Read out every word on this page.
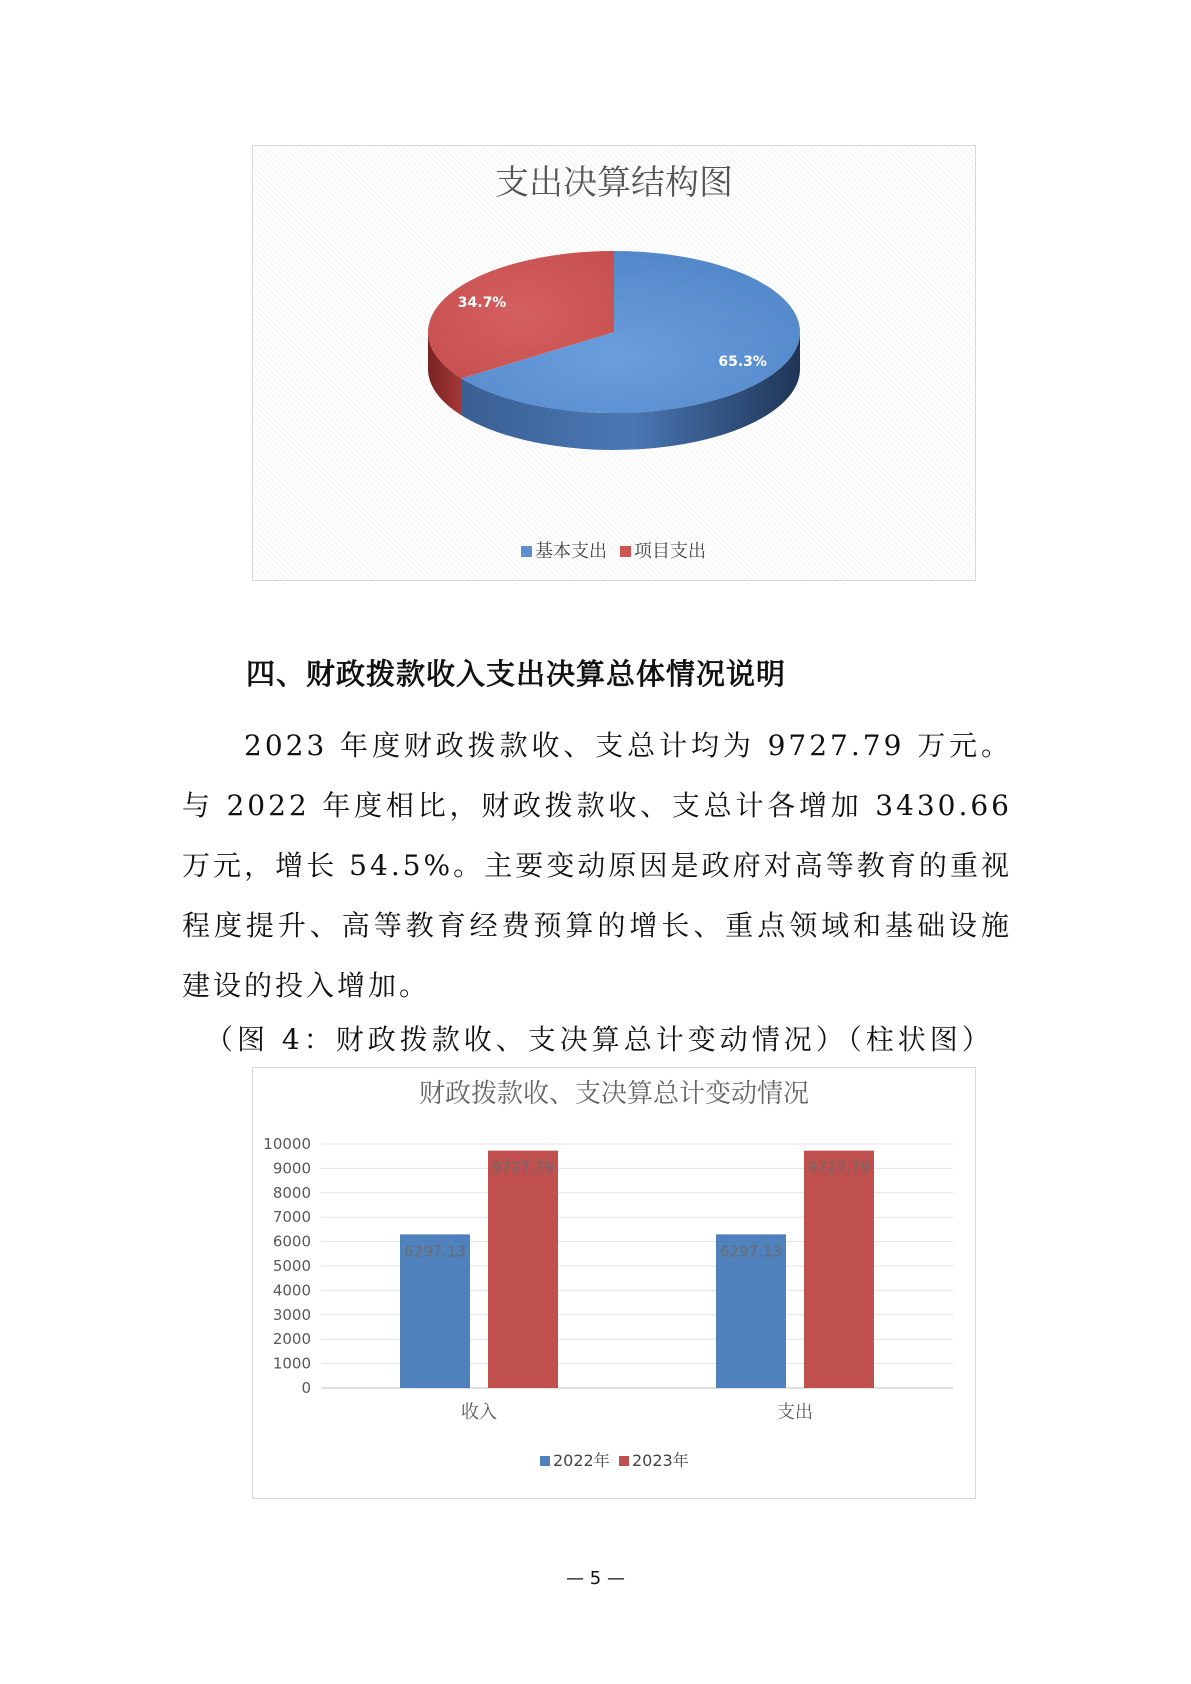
支出决算结构图
65.3%
34.7%
基本支出 项目支出
四、财政拨款收入支出决算总体情况说明

2023 年度财政拨款收、支总计均为 9727.79 万元。与 2022 年度相比，财政拨款收、支总计各增加 3430.66 万元，增长 54.5%。主要变动原因是政府对高等教育的重视程度提升、高等教育经费预算的增长、重点领域和基础设施建设的投入增加。

（图 4：财政拨款收、支决算总计变动情况）（柱状图）
财政拨款收、支决算总计变动情况
0
1000
2000
3000
4000
5000
6000
7000
8000
9000
10000
6297.13
9727.79
6297.13
9727.79
收入	支出
2022年 2023年
— 5 —
